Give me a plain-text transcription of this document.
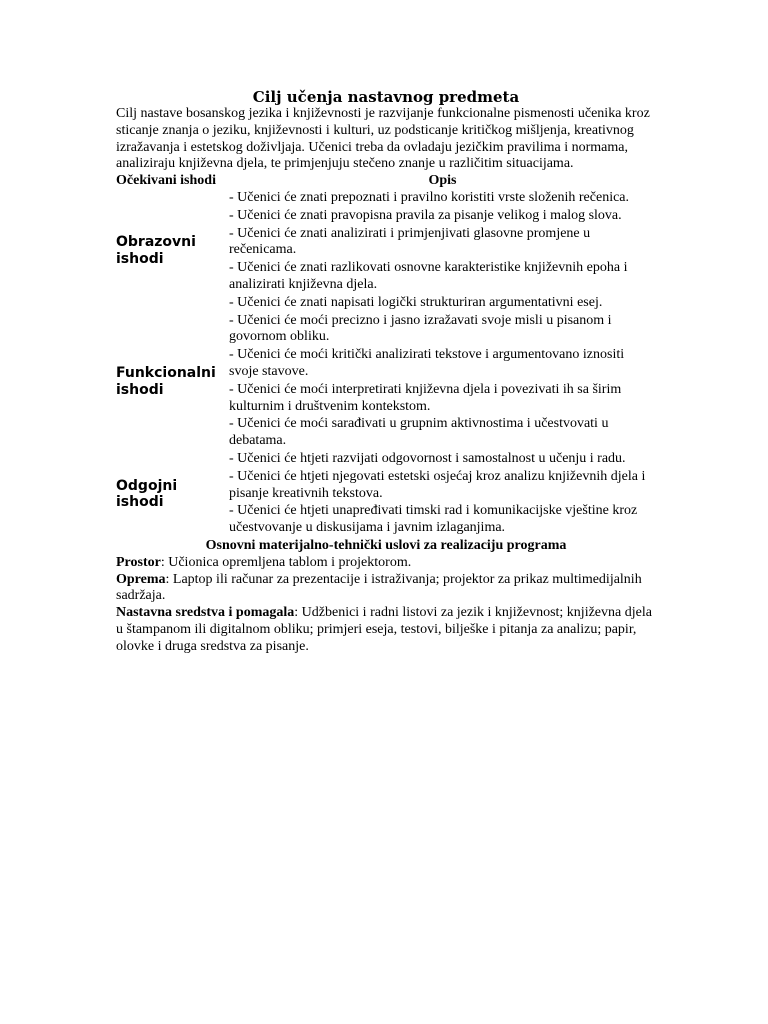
Cilj učenja nastavnog predmeta

Cilj nastave bosanskog jezika i književnosti je razvijanje funkcionalne pismenosti učenika kroz sticanje znanja o jeziku, književnosti i kulturi, uz podsticanje kritičkog mišljenja, kreativnog izražavanja i estetskog doživljaja. Učenici treba da ovladaju jezičkim pravilima i normama, analiziraju književna djela, te primjenjuju stečeno znanje u različitim situacijama.

Očekivani ishodi	Opis
Obrazovni ishodi	- Učenici će znati prepoznati i pravilno koristiti vrste složenih rečenica.
- Učenici će znati pravopisna pravila za pisanje velikog i malog slova.
- Učenici će znati analizirati i primjenjivati glasovne promjene u rečenicama.
- Učenici će znati razlikovati osnovne karakteristike književnih epoha i analizirati književna djela.
- Učenici će znati napisati logički strukturiran argumentativni esej.

Funkcionalni ishodi	- Učenici će moći precizno i jasno izražavati svoje misli u pisanom i govornom obliku.
- Učenici će moći kritički analizirati tekstove i argumentovano iznositi svoje stavove.
- Učenici će moći interpretirati književna djela i povezivati ih sa širim kulturnim i društvenim kontekstom.
- Učenici će moći sarađivati u grupnim aktivnostima i učestvovati u debatama.

Odgojni ishodi	- Učenici će htjeti razvijati odgovornost i samostalnost u učenju i radu.
- Učenici će htjeti njegovati estetski osjećaj kroz analizu književnih djela i pisanje kreativnih tekstova.
- Učenici će htjeti unapređivati timski rad i komunikacijske vještine kroz učestvovanje u diskusijama i javnim izlaganjima.

Osnovni materijalno-tehnički uslovi za realizaciju programa

Prostor: Učionica opremljena tablom i projektorom.

Oprema: Laptop ili računar za prezentacije i istraživanja; projektor za prikaz multimedijalnih sadržaja.

Nastavna sredstva i pomagala: Udžbenici i radni listovi za jezik i književnost; književna djela u štampanom ili digitalnom obliku; primjeri eseja, testovi, bilješke i pitanja za analizu; papir, olovke i druga sredstva za pisanje.
